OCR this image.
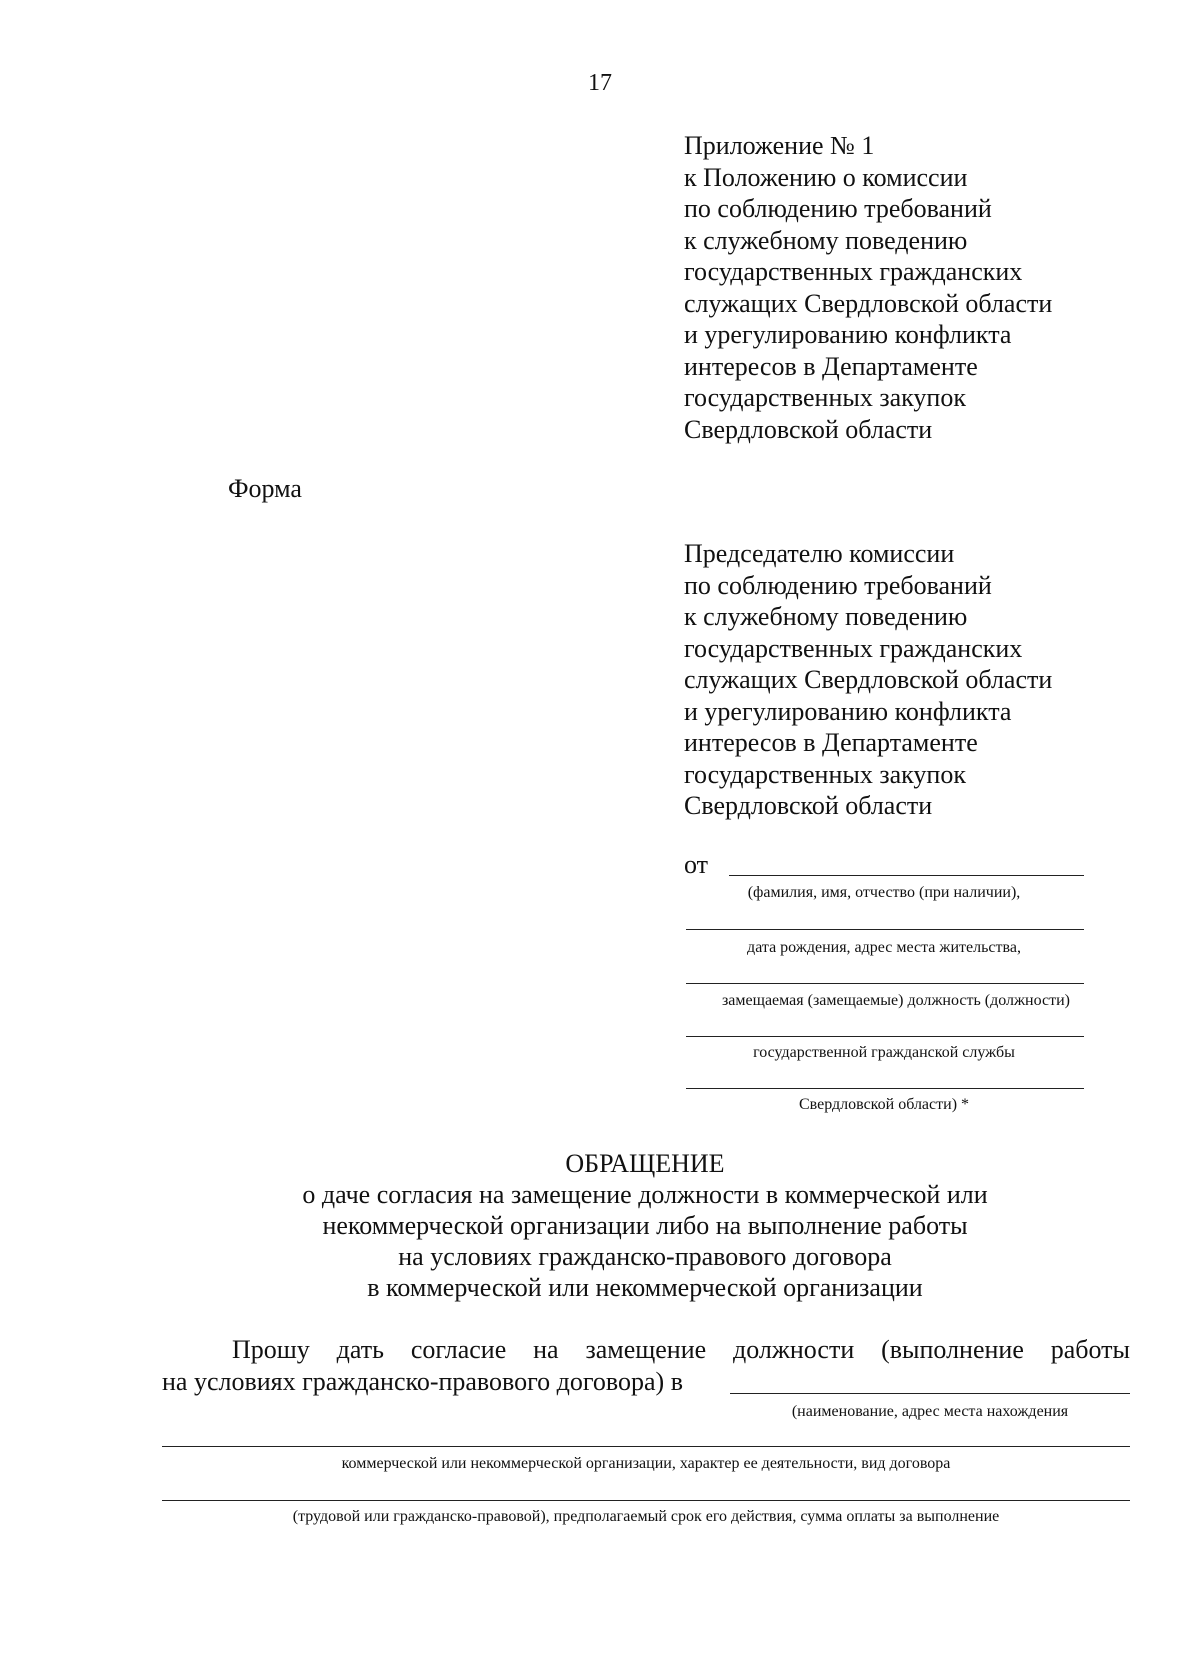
17
Приложение № 1
к Положению о комиссии
по соблюдению требований
к служебному поведению
государственных гражданских
служащих Свердловской области
и урегулированию конфликта
интересов в Департаменте
государственных закупок
Свердловской области
Форма
Председателю комиссии
по соблюдению требований
к служебному поведению
государственных гражданских
служащих Свердловской области
и урегулированию конфликта
интересов в Департаменте
государственных закупок
Свердловской области
от
(фамилия, имя, отчество (при наличии),
дата рождения, адрес места жительства,
замещаемая (замещаемые) должность (должности)
государственной гражданской службы
Свердловской области) *
ОБРАЩЕНИЕ
о даче согласия на замещение должности в коммерческой или
некоммерческой организации либо на выполнение работы
на условиях гражданско-правового договора
в коммерческой или некоммерческой организации
Прошу дать согласие на замещение должности (выполнение работы
на условиях гражданско-правового договора) в
(наименование, адрес места нахождения
коммерческой или некоммерческой организации, характер ее деятельности, вид договора
(трудовой или гражданско-правовой), предполагаемый срок его действия, сумма оплаты за выполнение
